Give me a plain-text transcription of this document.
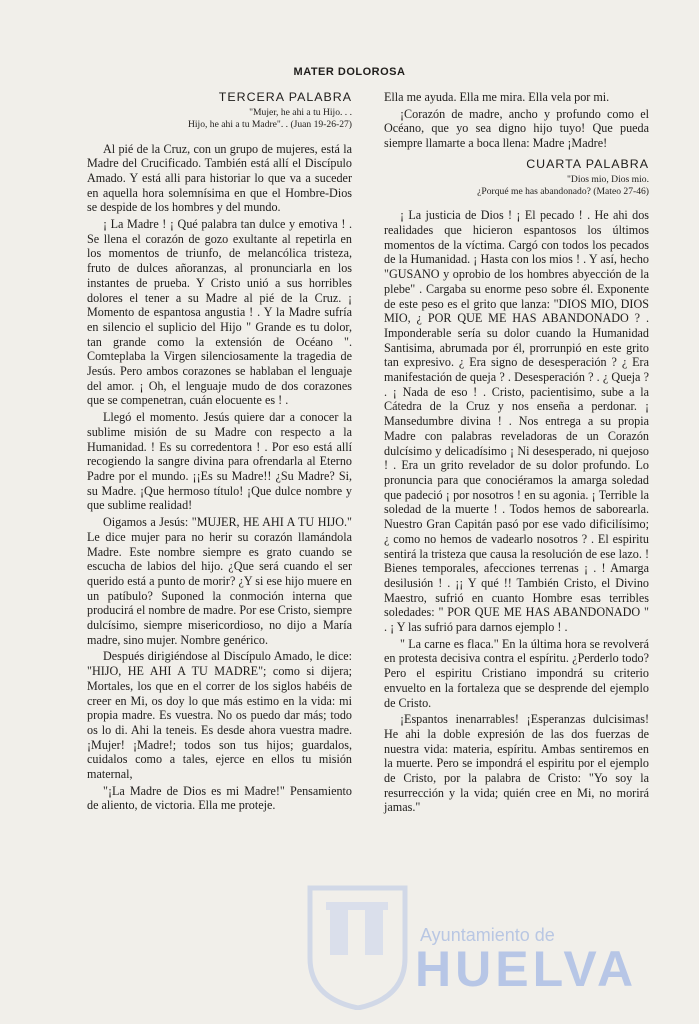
MATER DOLOROSA
TERCERA PALABRA
"Mujer, he ahi a tu Hijo. . .
Hijo, he ahi a tu Madre". . (Juan 19-26-27)

Al pié de la Cruz, con un grupo de mujeres, está la Madre del Crucificado. También está allí el Discípulo Amado. Y está alli para historiar lo que va a suceder en aquella hora solemnísima en que el Hombre-Dios se despide de los hombres y del mundo.

¡ La Madre ! ¡ Qué palabra tan dulce y emotiva ! . Se llena el corazón de gozo exultante al repetirla en los momentos de triunfo, de melancólica tristeza, fruto de dulces añoranzas, al pronunciarla en los instantes de prueba. Y Cristo unió a sus horribles dolores el tener a su Madre al pié de la Cruz. ¡ Momento de espantosa angustia ! . Y la Madre sufría en silencio el suplicio del Hijo " Grande es tu dolor, tan grande como la extensión de Océano ". Comteplaba la Virgen silenciosamente la tragedia de Jesús. Pero ambos corazones se hablaban el lenguaje del amor. ¡ Oh, el lenguaje mudo de dos corazones que se compenetran, cuán elocuente es ! .

Llegó el momento. Jesús quiere dar a conocer la sublime misión de su Madre con respecto a la Humanidad. ! Es su corredentora ! . Por eso está allí recogiendo la sangre divina para ofrendarla al Eterno Padre por el mundo. ¡¡Es su Madre!! ¿Su Madre? Si, su Madre. ¡Que hermoso título! ¡Que dulce nombre y que sublime realidad!

Oigamos a Jesús: "MUJER, HE AHI A TU HIJO." Le dice mujer para no herir su corazón llamándola Madre. Este nombre siempre es grato cuando se escucha de labios del hijo. ¿Que será cuando el ser querido está a punto de morir? ¿Y si ese hijo muere en un patíbulo? Suponed la conmoción interna que producirá el nombre de madre. Por ese Cristo, siempre dulcísimo, siempre misericordioso, no dijo a María madre, sino mujer. Nombre genérico.

Después dirigiéndose al Discípulo Amado, le dice: "HIJO, HE AHI A TU MADRE"; como si dijera; Mortales, los que en el correr de los siglos habéis de creer en Mi, os doy lo que más estimo en la vida: mi propia madre. Es vuestra. No os puedo dar más; todo os lo di. Ahi la teneis. Es desde ahora vuestra madre. ¡Mujer! ¡Madre!; todos son tus hijos; guardalos, cuidalos como a tales, ejerce en ellos tu misión maternal,

"¡La Madre de Dios es mi Madre!" Pensamiento de aliento, de victoria. Ella me proteje.

Ella me ayuda. Ella me mira. Ella vela por mi.

¡Corazón de madre, ancho y profundo como el Océano, que yo sea digno hijo tuyo! Que pueda siempre llamarte a boca llena: Madre ¡Madre!

CUARTA PALABRA
"Dios mio, Dios mio.
¿Porqué me has abandonado? (Mateo 27-46)

¡ La justicia de Dios ! ¡ El pecado ! . He ahi dos realidades que hicieron espantosos los últimos momentos de la víctima. Cargó con todos los pecados de la Humanidad. ¡ Hasta con los mios ! . Y así, hecho "GUSANO y oprobio de los hombres abyección de la plebe" . Cargaba su enorme peso sobre él. Exponente de este peso es el grito que lanza: "DIOS MIO, DIOS MIO, ¿ POR QUE ME HAS ABANDONADO ? . Imponderable sería su dolor cuando la Humanidad Santisima, abrumada por él, prorrunpió en este grito tan expresivo. ¿ Era signo de desesperación ? ¿ Era manifestación de queja ? . Desesperación ? . ¿ Queja ? . ¡ Nada de eso ! . Cristo, pacientisimo, sube a la Cátedra de la Cruz y nos enseña a perdonar. ¡ Mansedumbre divina ! . Nos entrega a su propia Madre con palabras reveladoras de un Corazón dulcísimo y delicadísimo ¡ Ni desesperado, ni quejoso ! . Era un grito revelador de su dolor profundo. Lo pronuncia para que conociéramos la amarga soledad que padeció ¡ por nosotros ! en su agonia. ¡ Terrible la soledad de la muerte ! . Todos hemos de saborearla. Nuestro Gran Capitán pasó por ese vado dificilísimo; ¿ como no hemos de vadearlo nosotros ? . El espiritu sentirá la tristeza que causa la resolución de ese lazo. ! Bienes temporales, afecciones terrenas ¡ . ! Amarga desilusión ! . ¡¡ Y qué !! También Cristo, el Divino Maestro, sufrió en cuanto Hombre esas terribles soledades: " POR QUE ME HAS ABANDONADO " . ¡ Y las sufrió para darnos ejemplo ! .

" La carne es flaca." En la última hora se revolverá en protesta decisiva contra el espíritu. ¿Perderlo todo? Pero el espiritu Cristiano impondrá su criterio envuelto en la fortaleza que se desprende del ejemplo de Cristo.

¡Espantos inenarrables! ¡Esperanzas dulcisimas! He ahi la doble expresión de las dos fuerzas de nuestra vida: materia, espíritu. Ambas sentiremos en la muerte. Pero se impondrá el espiritu por el ejemplo de Cristo, por la palabra de Cristo: "Yo soy la resurrección y la vida; quién cree en Mi, no morirá jamas."

Ayuntamiento de
HUELVA
